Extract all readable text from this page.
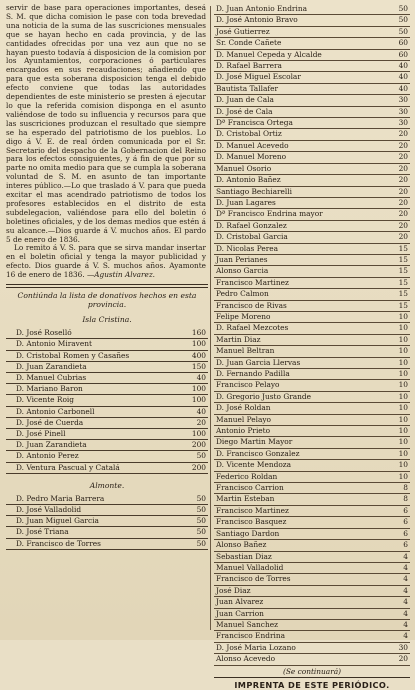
servir de base para operaciones importantes, deseá S. M. que dicha comision le pase con toda brevedad una noticia de la suma de las suscriciones mensuales que se hayan hecho en cada provincia, y de las cantidades ofrecidas por una vez aun que no se hayan puesto todavía á disposicion de la comision por los Ayuntamientos, corporaciones ó particulares encargados en sus recaudaciones; añadiendo que para que esta soberana disposicion tenga el debido efecto conviene que todas las autoridades dependientes de este ministerio se presten á ejecutar lo que la referida comision disponga en el asunto valiéndose de todo su influencia y recursos para que las suscriciones produzcan el resultado que siempre se ha esperado del patriotismo de los pueblos. Lo digo á V. E. de real órden comunicada por el Sr. Secretario del despacho de la Gobernacion del Reino para los efectos consiguientes, y á fin de que por su parte no omita medio para que se cumpla la soberana voluntad de S. M. en asunto de tan importante interes público.—Lo que traslado á V. para que pueda excitar el mas acendrado patriotismo de todos los profesores establecidos en el distrito de esta subdelegacion, valiéndose para ello del boletin ó boletines oficiales, y de los demas medios que estén á su alcance.—Dios guarde á V. muchos años. El pardo 5 de enero de 1836.

Lo remito á V. S. para que se sirva mandar insertar en el boletin oficial y tenga la mayor publicidad y efecto. Dios guarde á V. S. muchos años. Ayamonte 16 de enero de 1836. —Agustin Alvarez.

Contiúnda la lista de donativos hechos en esta provincia.
Isla Cristina.
D. José Roselló	160
D. Antonio Miravent	100
D. Cristobal Romen y Casañes	400
D. Juan Zarandieta	150
D. Manuel Cubrias	40
D. Mariano Baron	100
D. Vicente Roig	100
D. Antonio Carbonell	40
D. José de Cuerda	20
D. José Pinell	100
D. Juan Zarandieta	200
D. Antonio Perez	50
D. Ventura Pascual y Catalá	200
Almonte.
D. Pedro Maria Barrera	50
D. José Valladolid	50
D. Juan Miguel Garcia	50
D. José Triana	50
D. Francisco de Torres	50
D. Juan Antonio Endrina	50
D. José Antonio Bravo	50
José Gutierrez	50
Sr. Conde Cañete	60
D. Manuel Cepeda y Alcalde	60
D. Rafael Barrera	40
D. José Miguel Escolar	40
Bautista Tallafer	40
D. Juan de Cala	30
D. José de Cala	30
Dª Francisca Ortega	30
D. Cristobal Ortiz	20
D. Manuel Acevedo	20
D. Manuel Moreno	20
Manuel Osorio	20
D. Antonio Bañez	20
Santiago Bechiarelli	20
D. Juan Lagares	20
Dª Francisco Endrina mayor	20
D. Rafael Gonzalez	20
D. Cristobal Garcia	20
D. Nicolas Perea	15
Juan Perianes	15
Alonso Garcia	15
Francisco Martinez	15
Pedro Calmon	15
Francisco de Rivas	15
Felipe Moreno	10
D. Rafael Mezcotes	10
Martin Diaz	10
Manuel Beltran	10
D. Juan Garcia Llervas	10
D. Fernando Padilla	10
Francisco Pelayo	10
D. Gregorio Justo Grande	10
D. José Roldan	10
Manuel Pelayo	10
Antonio Prieto	10
Diego Martin Mayor	10
D. Francisco Gonzalez	10
D. Vicente Mendoza	10
Federico Roldan	10
Francisco Carrion	8
Martin Esteban	8
Francisco Martinez	6
Francisco Basquez	6
Santiago Dardon	6
Alonso Bañez	6
Sebastian Diaz	4
Manuel Valladolid	4
Francisco de Torres	4
José Diaz	4
Juan Alvarez	4
Juan Carrion	4
Manuel Sanchez	4
Francisco Endrina	4
D. José Maria Lozano	30
Alonso Acevedo	20
(Se continuará)
IMPRENTA DE ESTE PERIÓDICO.
